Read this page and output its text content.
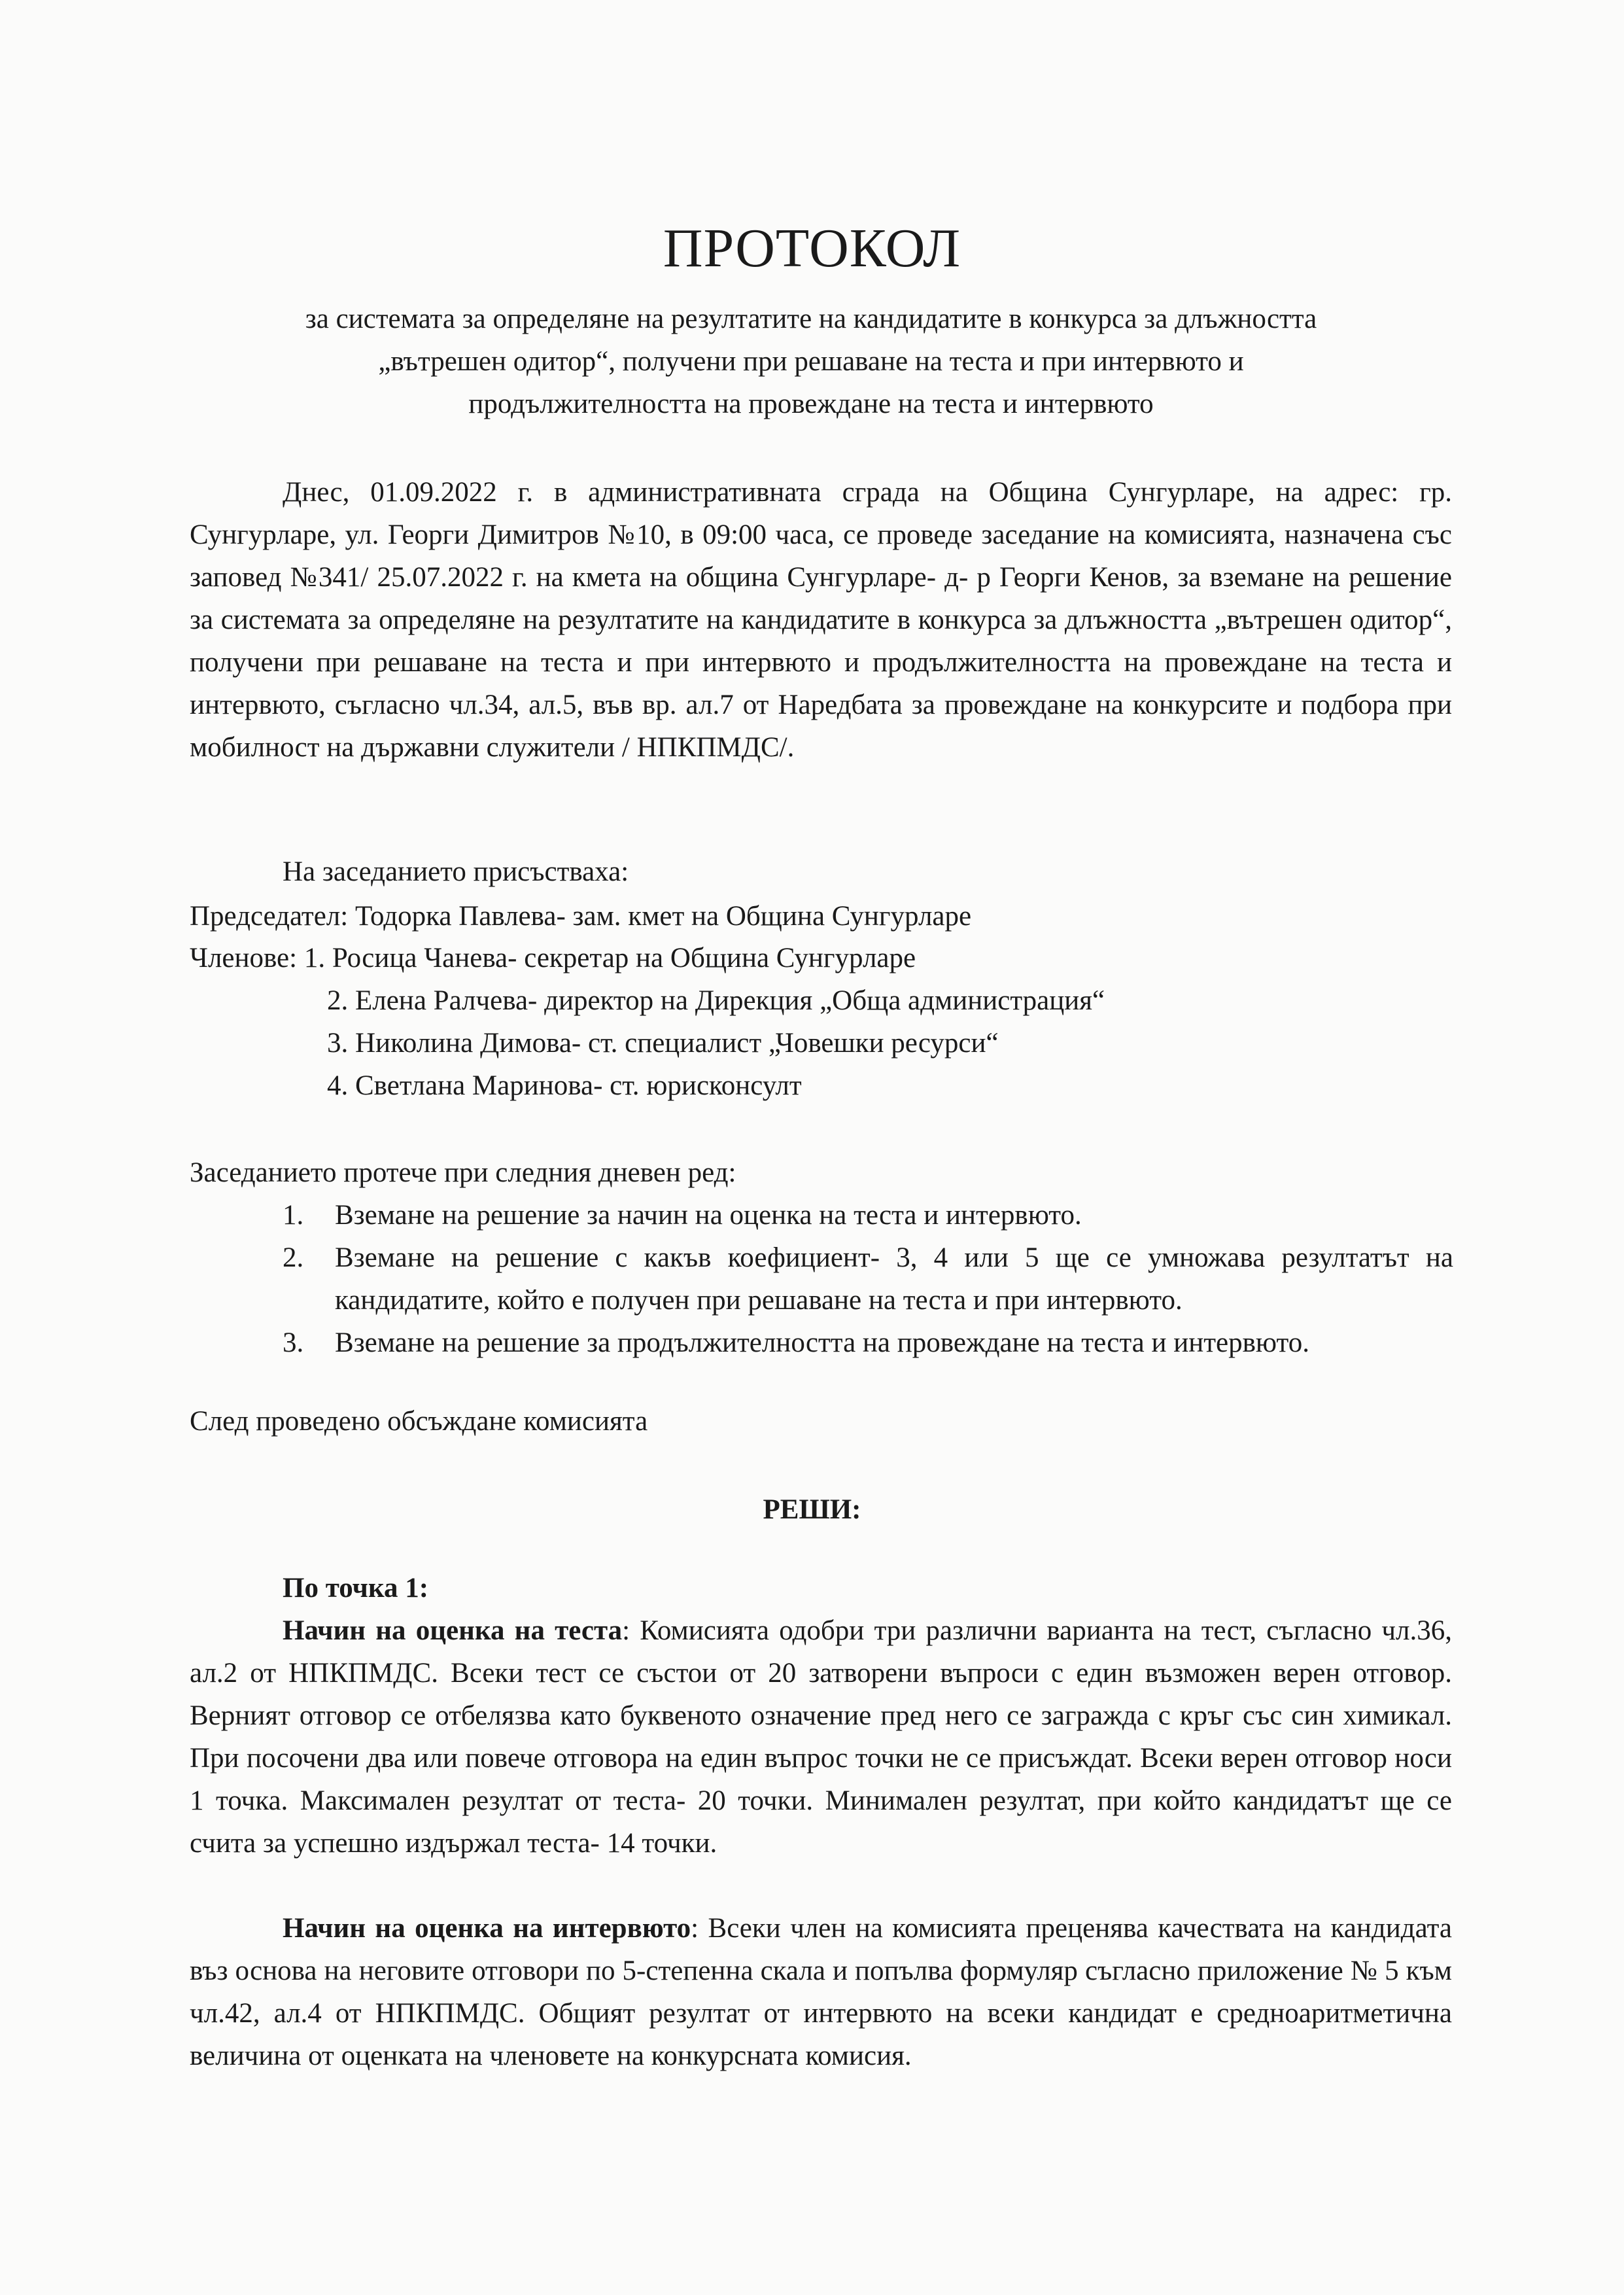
ПРОТОКОЛ
за системата за определяне на резултатите на кандидатите в конкурса за длъжността
„вътрешен одитор“, получени при решаване на теста и при интервюто и
продължителността на провеждане на теста и интервюто
Днес, 01.09.2022 г. в административната сграда на Община Сунгурларе, на адрес: гр. Сунгурларе, ул. Георги Димитров №10, в 09:00 часа, се проведе заседание на комисията, назначена със заповед №341/ 25.07.2022 г. на кмета на община Сунгурларе- д- р Георги Кенов, за вземане на решение за системата за определяне на резултатите на кандидатите в конкурса за длъжността „вътрешен одитор“, получени при решаване на теста и при интервюто и продължителността на провеждане на теста и интервюто, съгласно чл.34, ал.5, във вр. ал.7 от Наредбата за провеждане на конкурсите и подбора при мобилност на държавни служители / НПКПМДС/.
На заседанието присъстваха:
Председател: Тодорка Павлева- зам. кмет на Община Сунгурларе
Членове: 1. Росица Чанева- секретар на Община Сунгурларе
2. Елена Ралчева- директор на Дирекция „Обща администрация“
3. Николина Димова- ст. специалист „Човешки ресурси“
4. Светлана Маринова- ст. юрисконсулт
Заседанието протече при следния дневен ред:
1. Вземане на решение за начин на оценка на теста и интервюто.
2. Вземане на решение с какъв коефициент- 3, 4 или 5 ще се умножава резултатът на кандидатите, който е получен при решаване на теста и при интервюто.
3. Вземане на решение за продължителността на провеждане на теста и интервюто.
След проведено обсъждане комисията
РЕШИ:
По точка 1:
Начин на оценка на теста: Комисията одобри три различни варианта на тест, съгласно чл.36, ал.2 от НПКПМДС. Всеки тест се състои от 20 затворени въпроси с един възможен верен отговор. Верният отговор се отбелязва като буквеното означение пред него се загражда с кръг със син химикал. При посочени два или повече отговора на един въпрос точки не се присъждат. Всеки верен отговор носи 1 точка. Максимален резултат от теста- 20 точки. Минимален резултат, при който кандидатът ще се счита за успешно издържал теста- 14 точки.
Начин на оценка на интервюто: Всеки член на комисията преценява качествата на кандидата въз основа на неговите отговори по 5-степенна скала и попълва формуляр съгласно приложение № 5 към чл.42, ал.4 от НПКПМДС. Общият резултат от интервюто на всеки кандидат е средноаритметична величина от оценката на членовете на конкурсната комисия.
